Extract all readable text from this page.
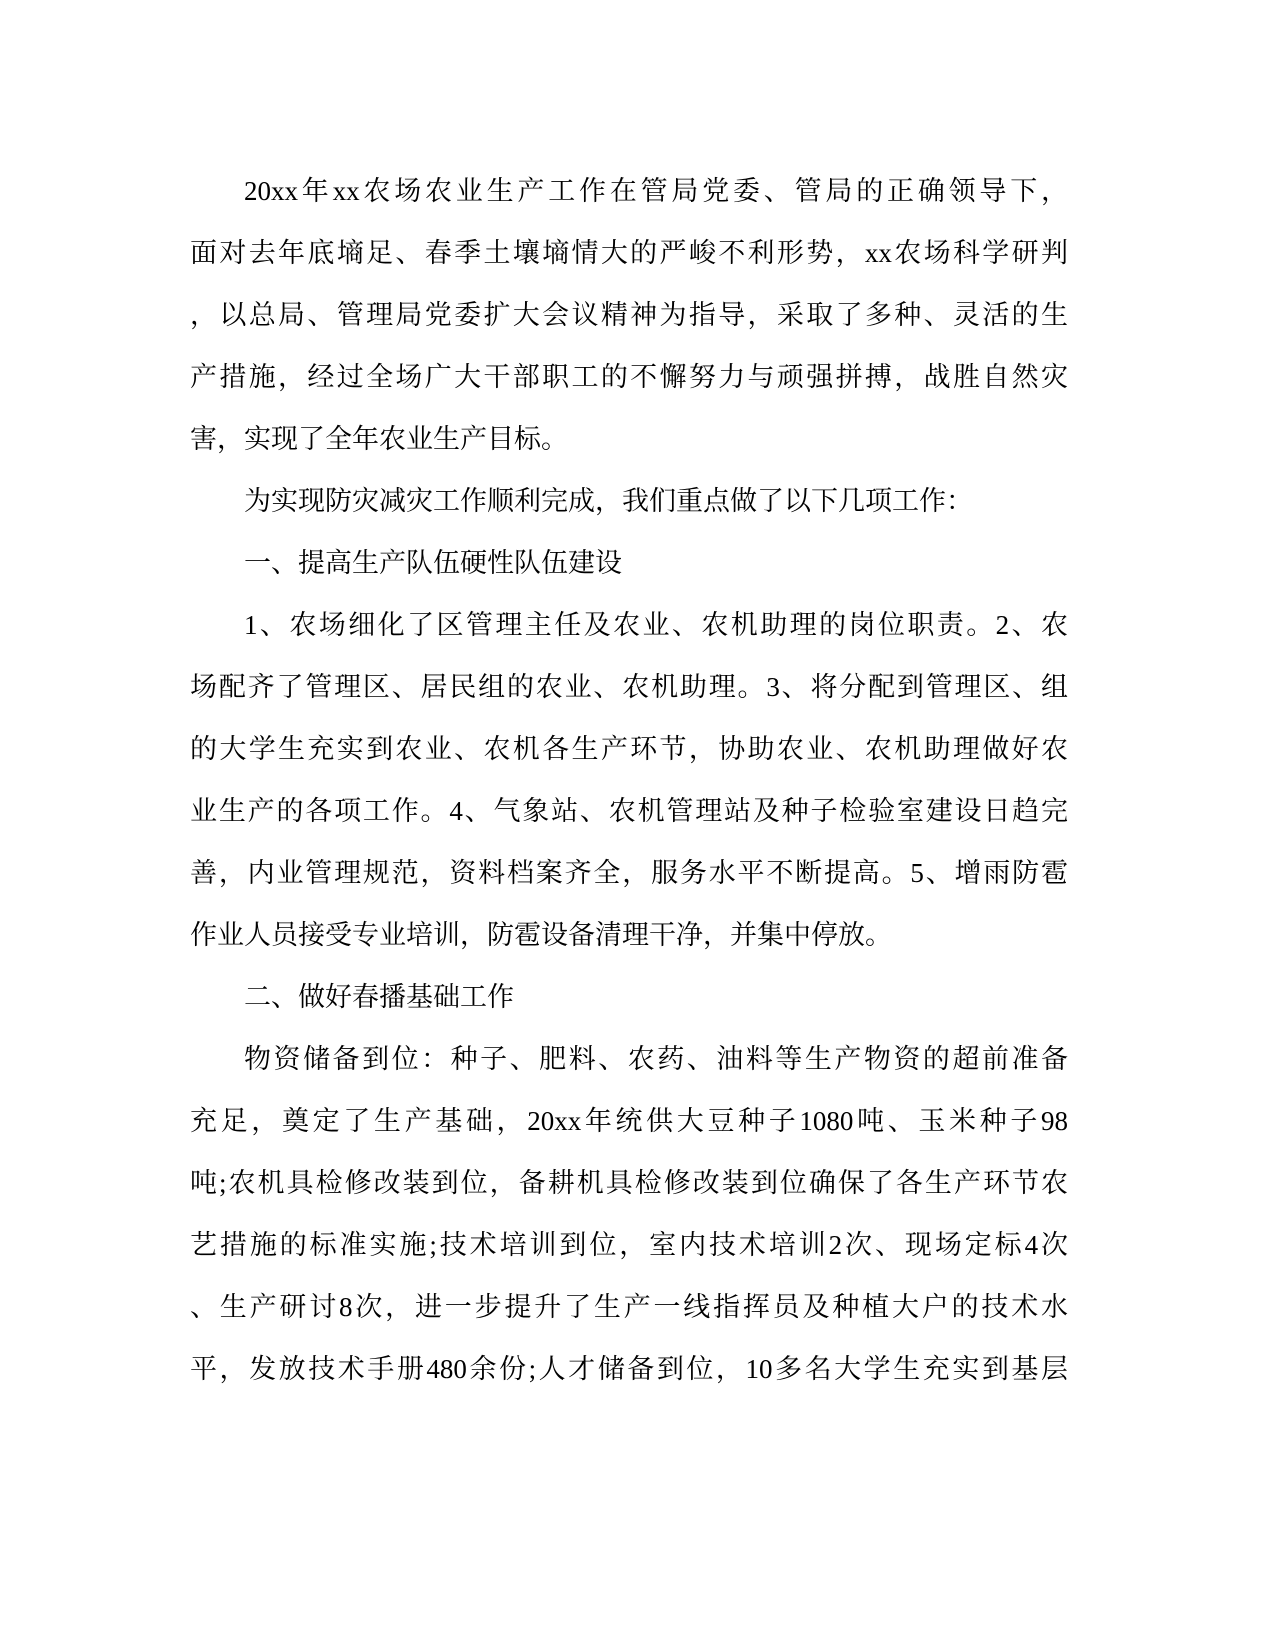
20xx年xx农场农业生产工作在管局党委、管局的正确领导下，
面对去年底墒足、春季土壤墒情大的严峻不利形势，xx农场科学研判
，以总局、管理局党委扩大会议精神为指导，采取了多种、灵活的生
产措施，经过全场广大干部职工的不懈努力与顽强拼搏，战胜自然灾
害，实现了全年农业生产目标。
为实现防灾减灾工作顺利完成，我们重点做了以下几项工作：
一、提高生产队伍硬性队伍建设
1、农场细化了区管理主任及农业、农机助理的岗位职责。2、农
场配齐了管理区、居民组的农业、农机助理。3、将分配到管理区、组
的大学生充实到农业、农机各生产环节，协助农业、农机助理做好农
业生产的各项工作。4、气象站、农机管理站及种子检验室建设日趋完
善，内业管理规范，资料档案齐全，服务水平不断提高。5、增雨防雹
作业人员接受专业培训，防雹设备清理干净，并集中停放。
二、做好春播基础工作
物资储备到位：种子、肥料、农药、油料等生产物资的超前准备
充足，奠定了生产基础，20xx年统供大豆种子1080吨、玉米种子98
吨;农机具检修改装到位，备耕机具检修改装到位确保了各生产环节农
艺措施的标准实施;技术培训到位，室内技术培训2次、现场定标4次
、生产研讨8次，进一步提升了生产一线指挥员及种植大户的技术水
平，发放技术手册480余份;人才储备到位，10多名大学生充实到基层
